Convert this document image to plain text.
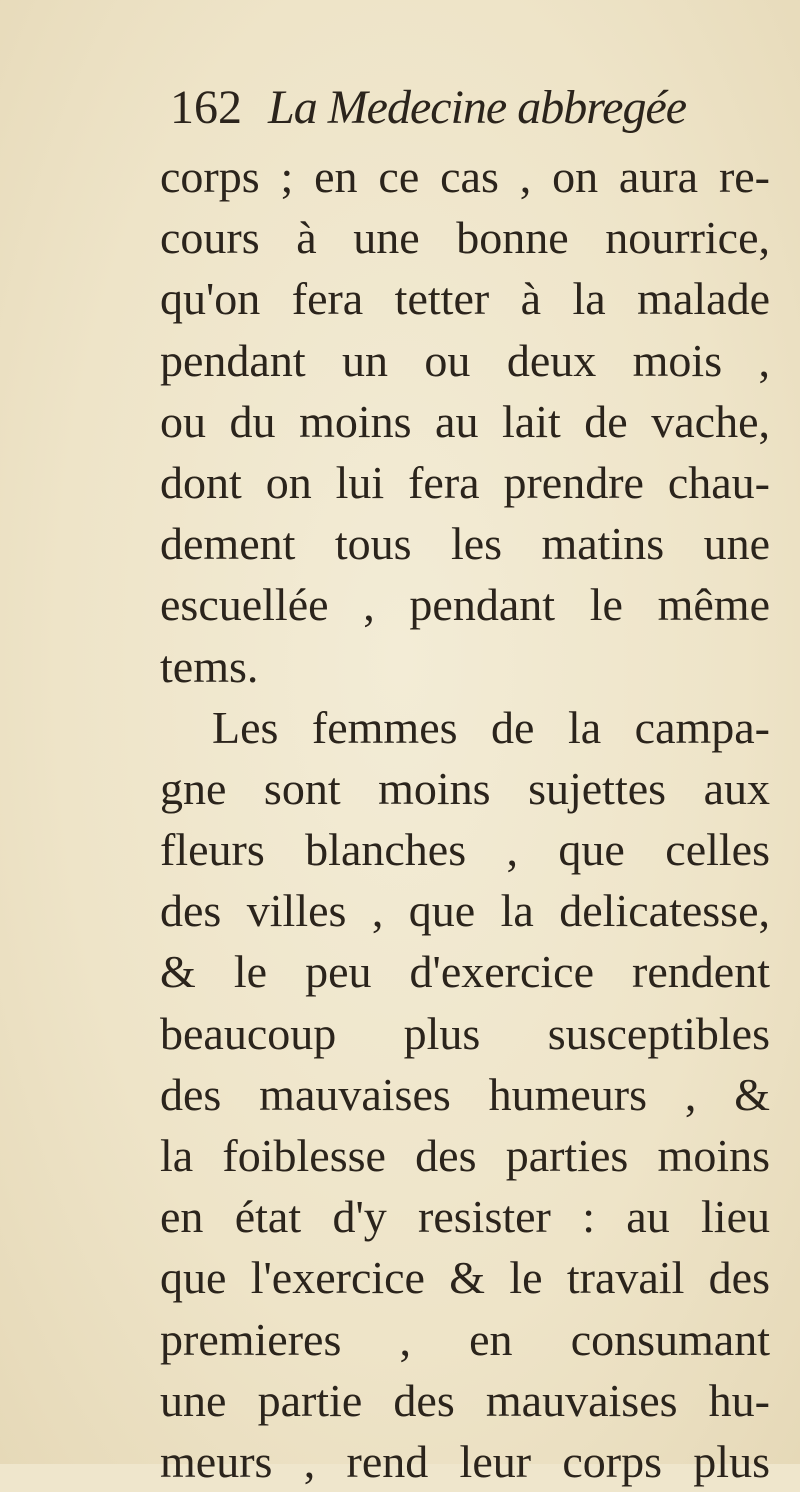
162 La Medecine abbregée
corps ; en ce cas , on aura re-
cours à une bonne nourrice,
qu'on fera tetter à la malade
pendant un ou deux mois ,
ou du moins au lait de vache,
dont on lui fera prendre chau-
dement tous les matins une
escuellée , pendant le même
tems.
Les femmes de la campa-
gne sont moins sujettes aux
fleurs blanches , que celles
des villes , que la delicatesse,
& le peu d'exercice rendent
beaucoup plus susceptibles
des mauvaises humeurs , &
la foiblesse des parties moins
en état d'y resister : au lieu
que l'exercice & le travail des
premieres , en consumant
une partie des mauvaises hu-
meurs , rend leur corps plus
